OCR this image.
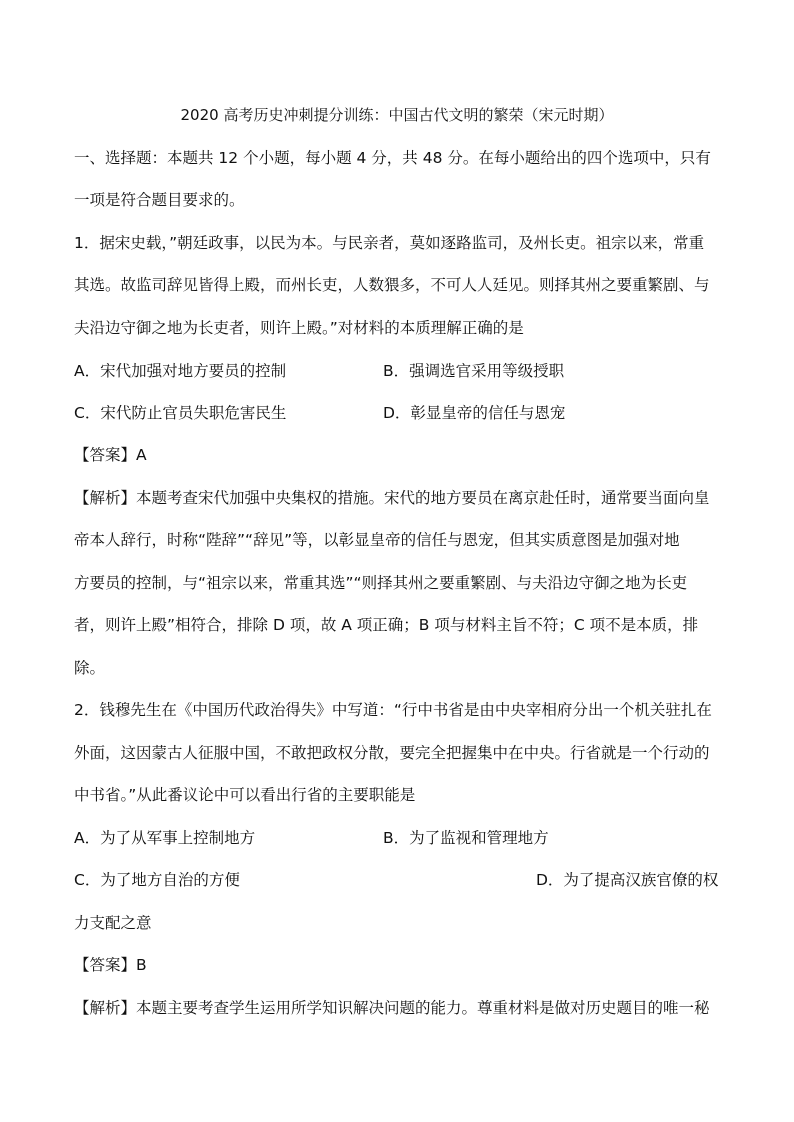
2020 高考历史冲刺提分训练：中国古代文明的繁荣（宋元时期）
一、选择题：本题共 12 个小题，每小题 4 分，共 48 分。在每小题给出的四个选项中，只有
一项是符合题目要求的。
1．据宋史载，”朝廷政事，以民为本。与民亲者，莫如逐路监司，及州长吏。祖宗以来，常重
其选。故监司辞见皆得上殿，而州长吏，人数猥多，不可人人廷见。则择其州之要重繁剧、与
夫沿边守御之地为长吏者，则许上殿。”对材料的本质理解正确的是
A．宋代加强对地方要员的控制	B．强调选官采用等级授职
C．宋代防止官员失职危害民生	D．彰显皇帝的信任与恩宠
【答案】A
【解析】本题考查宋代加强中央集权的措施。宋代的地方要员在离京赴任时，通常要当面向皇
帝本人辞行，时称“陛辞”“辞见”等，以彰显皇帝的信任与恩宠，但其实质意图是加强对地
方要员的控制，与“祖宗以来，常重其选”“则择其州之要重繁剧、与夫沿边守御之地为长吏
者，则许上殿”相符合，排除 D 项，故 A 项正确；B 项与材料主旨不符；C 项不是本质，排
除。
2．钱穆先生在《中国历代政治得失》中写道：“行中书省是由中央宰相府分出一个机关驻扎在
外面，这因蒙古人征服中国，不敢把政权分散，要完全把握集中在中央。行省就是一个行动的
中书省。”从此番议论中可以看出行省的主要职能是
A．为了从军事上控制地方	B．为了监视和管理地方
C．为了地方自治的方便	D．为了提高汉族官僚的权
力支配之意
【答案】B
【解析】本题主要考查学生运用所学知识解决问题的能力。尊重材料是做对历史题目的唯一秘
